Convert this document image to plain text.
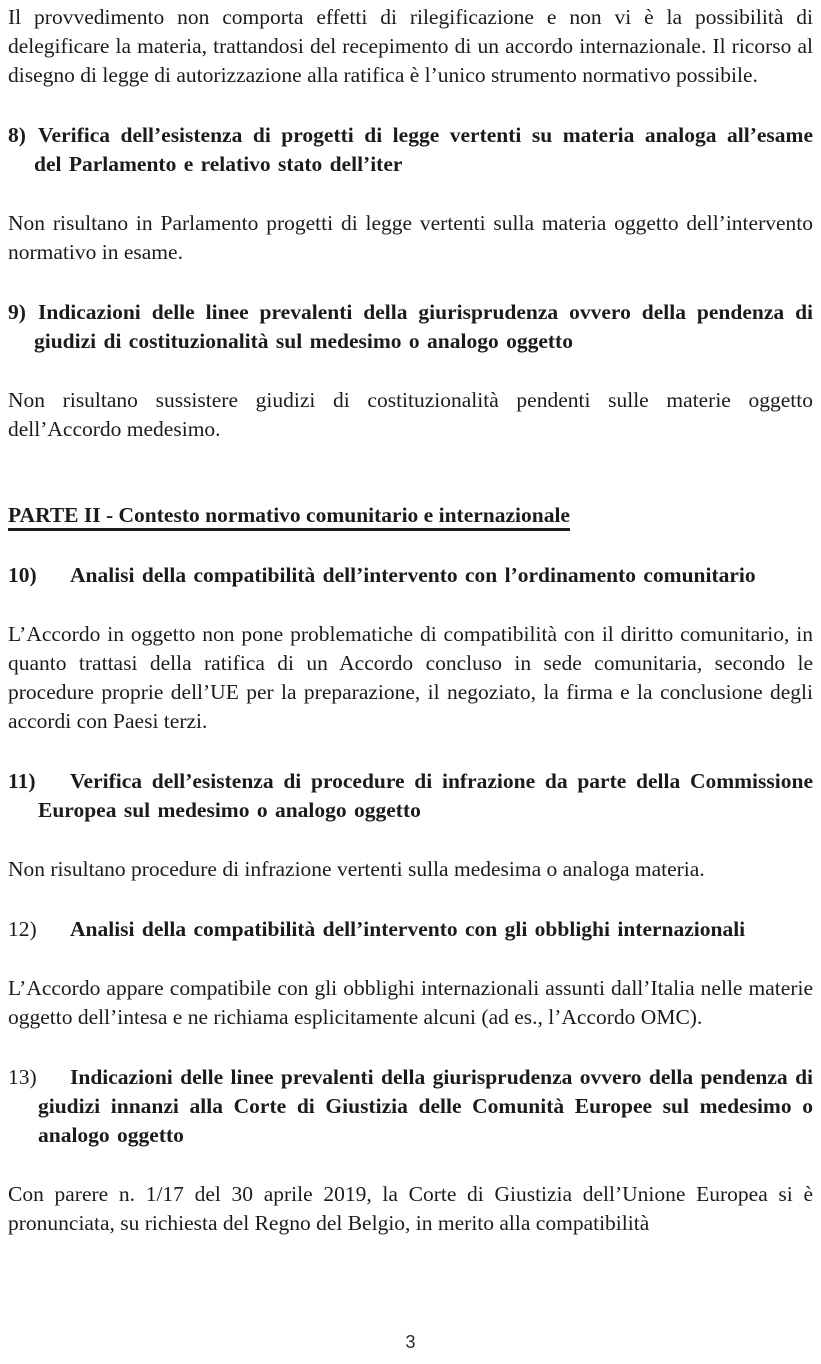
Il provvedimento non comporta effetti di rilegificazione e non vi è la possibilità di delegificare la materia, trattandosi del recepimento di un accordo internazionale. Il ricorso al disegno di legge di autorizzazione alla ratifica è l’unico strumento normativo possibile.

8) Verifica dell’esistenza di progetti di legge vertenti su materia analoga all’esame del Parlamento e relativo stato dell’iter

Non risultano in Parlamento progetti di legge vertenti sulla materia oggetto dell’intervento normativo in esame.

9) Indicazioni delle linee prevalenti della giurisprudenza ovvero della pendenza di giudizi di costituzionalità sul medesimo o analogo oggetto

Non risultano sussistere giudizi di costituzionalità pendenti sulle materie oggetto dell’Accordo medesimo.

PARTE II - Contesto normativo comunitario e internazionale
10) Analisi della compatibilità dell’intervento con l’ordinamento comunitario

L’Accordo in oggetto non pone problematiche di compatibilità con il diritto comunitario, in quanto trattasi della ratifica di un Accordo concluso in sede comunitaria, secondo le procedure proprie dell’UE per la preparazione, il negoziato, la firma e la conclusione degli accordi con Paesi terzi.

11) Verifica dell’esistenza di procedure di infrazione da parte della Commissione Europea sul medesimo o analogo oggetto

Non risultano procedure di infrazione vertenti sulla medesima o analoga materia.

12) Analisi della compatibilità dell’intervento con gli obblighi internazionali

L’Accordo appare compatibile con gli obblighi internazionali assunti dall’Italia nelle materie oggetto dell’intesa e ne richiama esplicitamente alcuni (ad es., l’Accordo OMC).

13) Indicazioni delle linee prevalenti della giurisprudenza ovvero della pendenza di giudizi innanzi alla Corte di Giustizia delle Comunità Europee sul medesimo o analogo oggetto

Con parere n. 1/17 del 30 aprile 2019, la Corte di Giustizia dell’Unione Europea si è pronunciata, su richiesta del Regno del Belgio, in merito alla compatibilità

3
